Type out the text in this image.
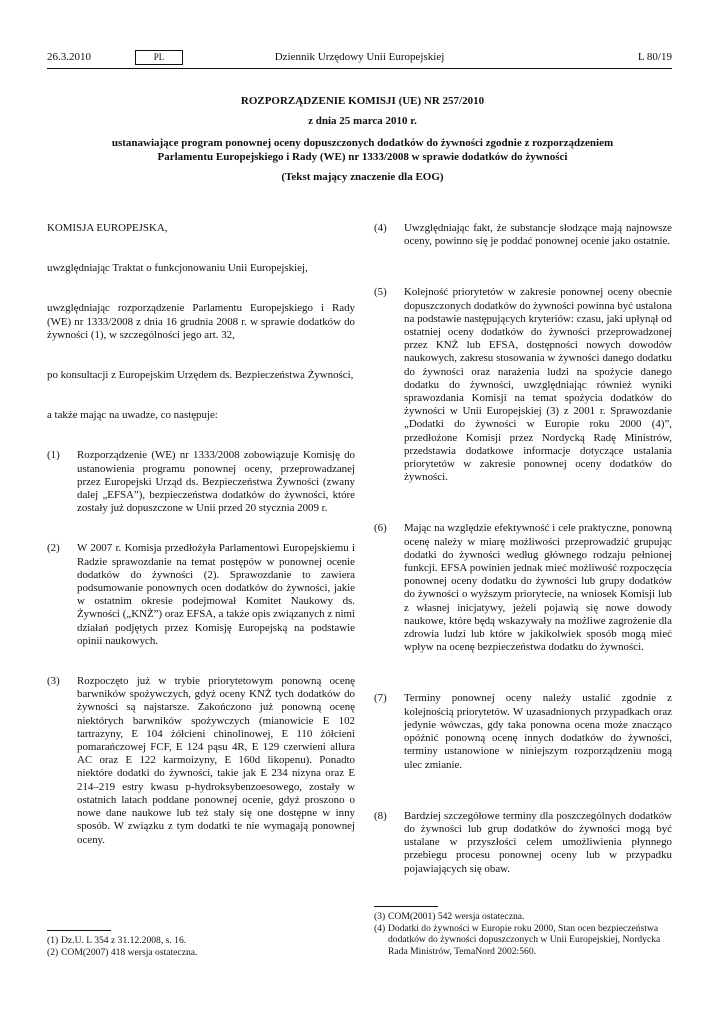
Dziennik Urzędowy Unii Europejskiej
26.3.2010	PL	L 80/19
ROZPORZĄDZENIE KOMISJI (UE) NR 257/2010
z dnia 25 marca 2010 r.
ustanawiające program ponownej oceny dopuszczonych dodatków do żywności zgodnie z rozporządzeniem Parlamentu Europejskiego i Rady (WE) nr 1333/2008 w sprawie dodatków do żywności
(Tekst mający znaczenie dla EOG)

KOMISJA EUROPEJSKA,

uwzględniając Traktat o funkcjonowaniu Unii Europejskiej,

uwzględniając rozporządzenie Parlamentu Europejskiego i Rady (WE) nr 1333/2008 z dnia 16 grudnia 2008 r. w sprawie dodatków do żywności (1), w szczególności jego art. 32,

po konsultacji z Europejskim Urzędem ds. Bezpieczeństwa Żywności,

a także mając na uwadze, co następuje:

(1)	Rozporządzenie (WE) nr 1333/2008 zobowiązuje Komisję do ustanowienia programu ponownej oceny, przeprowadzanej przez Europejski Urząd ds. Bezpieczeństwa Żywności (zwany dalej „EFSA”), bezpieczeństwa dodatków do żywności, które zostały już dopuszczone w Unii przed 20 stycznia 2009 r.
(2)	W 2007 r. Komisja przedłożyła Parlamentowi Europejskiemu i Radzie sprawozdanie na temat postępów w ponownej ocenie dodatków do żywności (2). Sprawozdanie to zawiera podsumowanie ponownych ocen dodatków do żywności, jakie w ostatnim okresie podejmował Komitet Naukowy ds. Żywności („KNŻ”) oraz EFSA, a także opis związanych z nimi działań podjętych przez Komisję Europejską na podstawie opinii naukowych.
(3)	Rozpoczęto już w trybie priorytetowym ponowną ocenę barwników spożywczych, gdyż oceny KNŻ tych dodatków do żywności są najstarsze. Zakończono już ponowną ocenę niektórych barwników spożywczych (mianowicie E 102 tartrazyny, E 104 żółcieni chinolinowej, E 110 żółcieni pomarańczowej FCF, E 124 pąsu 4R, E 129 czerwieni allura AC oraz E 122 karmoizyny, E 160d likopenu). Ponadto niektóre dodatki do żywności, takie jak E 234 nizyna oraz E 214–219 estry kwasu p-hydroksybenzoesowego, zostały w ostatnich latach poddane ponownej ocenie, gdyż proszono o nowe dane naukowe lub też stały się one dostępne w inny sposób. W związku z tym dodatki te nie wymagają ponownej oceny.
(1) Dz.U. L 354 z 31.12.2008, s. 16.
(2) COM(2007) 418 wersja ostateczna.
(4)	Uwzględniając fakt, że substancje słodzące mają najnowsze oceny, powinno się je poddać ponownej ocenie jako ostatnie.
(5)	Kolejność priorytetów w zakresie ponownej oceny obecnie dopuszczonych dodatków do żywności powinna być ustalona na podstawie następujących kryteriów: czasu, jaki upłynął od ostatniej oceny dodatków do żywności przeprowadzonej przez KNŻ lub EFSA, dostępności nowych dowodów naukowych, zakresu stosowania w żywności danego dodatku do żywności oraz narażenia ludzi na spożycie danego dodatku do żywności, uwzględniając również wyniki sprawozdania Komisji na temat spożycia dodatków do żywności w Unii Europejskiej (3) z 2001 r. Sprawozdanie „Dodatki do żywności w Europie roku 2000 (4)”, przedłożone Komisji przez Nordycką Radę Ministrów, przedstawia dodatkowe informacje dotyczące ustalania priorytetów w zakresie ponownej oceny dodatków do żywności.
(6)	Mając na względzie efektywność i cele praktyczne, ponowną ocenę należy w miarę możliwości przeprowadzić grupując dodatki do żywności według głównego rodzaju pełnionej funkcji. EFSA powinien jednak mieć możliwość rozpoczęcia ponownej oceny dodatku do żywności lub grupy dodatków do żywności o wyższym priorytecie, na wniosek Komisji lub z własnej inicjatywy, jeżeli pojawią się nowe dowody naukowe, które będą wskazywały na możliwe zagrożenie dla zdrowia ludzi lub które w jakikolwiek sposób mogą mieć wpływ na ocenę bezpieczeństwa dodatku do żywności.
(7)	Terminy ponownej oceny należy ustalić zgodnie z kolejnością priorytetów. W uzasadnionych przypadkach oraz jedynie wówczas, gdy taka ponowna ocena może znacząco opóźnić ponowną ocenę innych dodatków do żywności, terminy ustanowione w niniejszym rozporządzeniu mogą ulec zmianie.
(8)	Bardziej szczegółowe terminy dla poszczególnych dodatków do żywności lub grup dodatków do żywności mogą być ustalane w przyszłości celem umożliwienia płynnego przebiegu procesu ponownej oceny lub w przypadku pojawiających się obaw.
(3) COM(2001) 542 wersja ostateczna.
(4) Dodatki do żywności w Europie roku 2000, Stan ocen bezpieczeństwa dodatków do żywności dopuszczonych w Unii Europejskiej, Nordycka Rada Ministrów, TemaNord 2002:560.
